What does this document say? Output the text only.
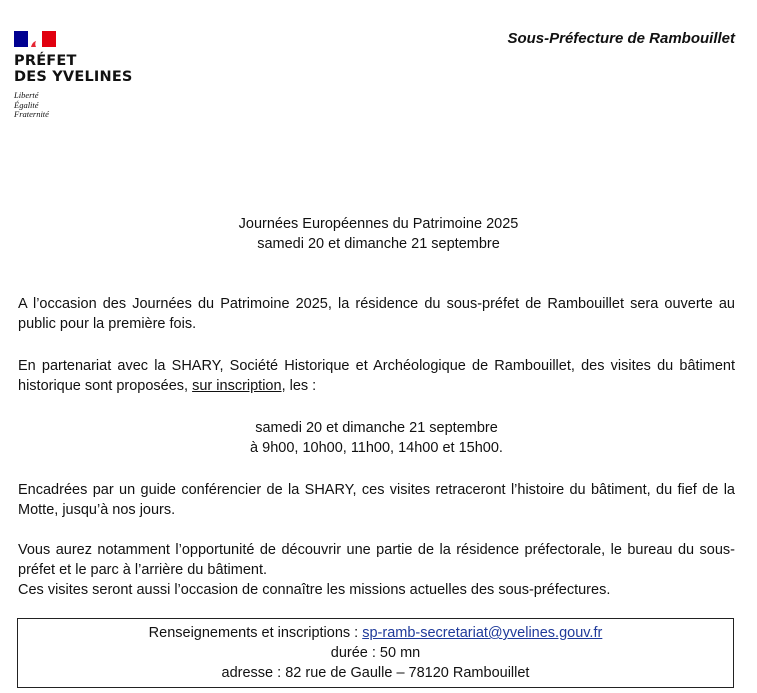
PRÉFET
DES YVELINES
Liberté
Égalité
Fraternité
Sous-Préfecture de Rambouillet
Journées Européennes du Patrimoine 2025
samedi 20 et dimanche 21 septembre
A l’occasion des Journées du Patrimoine 2025, la résidence du sous-préfet de Rambouillet sera ouverte au public pour la première fois.
En partenariat avec la SHARY, Société Historique et Archéologique de Rambouillet, des visites du bâtiment historique sont proposées, sur inscription, les :
samedi 20 et dimanche 21 septembre
à 9h00, 10h00, 11h00, 14h00 et 15h00.
Encadrées par un guide conférencier de la SHARY, ces visites retraceront l’histoire du bâtiment, du fief de la Motte, jusqu’à nos jours.
Vous aurez notamment l’opportunité de découvrir une partie de la résidence préfectorale, le bureau du sous-préfet et le parc à l’arrière du bâtiment.
Ces visites seront aussi l’occasion de connaître les missions actuelles des sous-préfectures.
Renseignements et inscriptions : sp-ramb-secretariat@yvelines.gouv.fr
durée : 50 mn
adresse : 82 rue de Gaulle – 78120 Rambouillet
